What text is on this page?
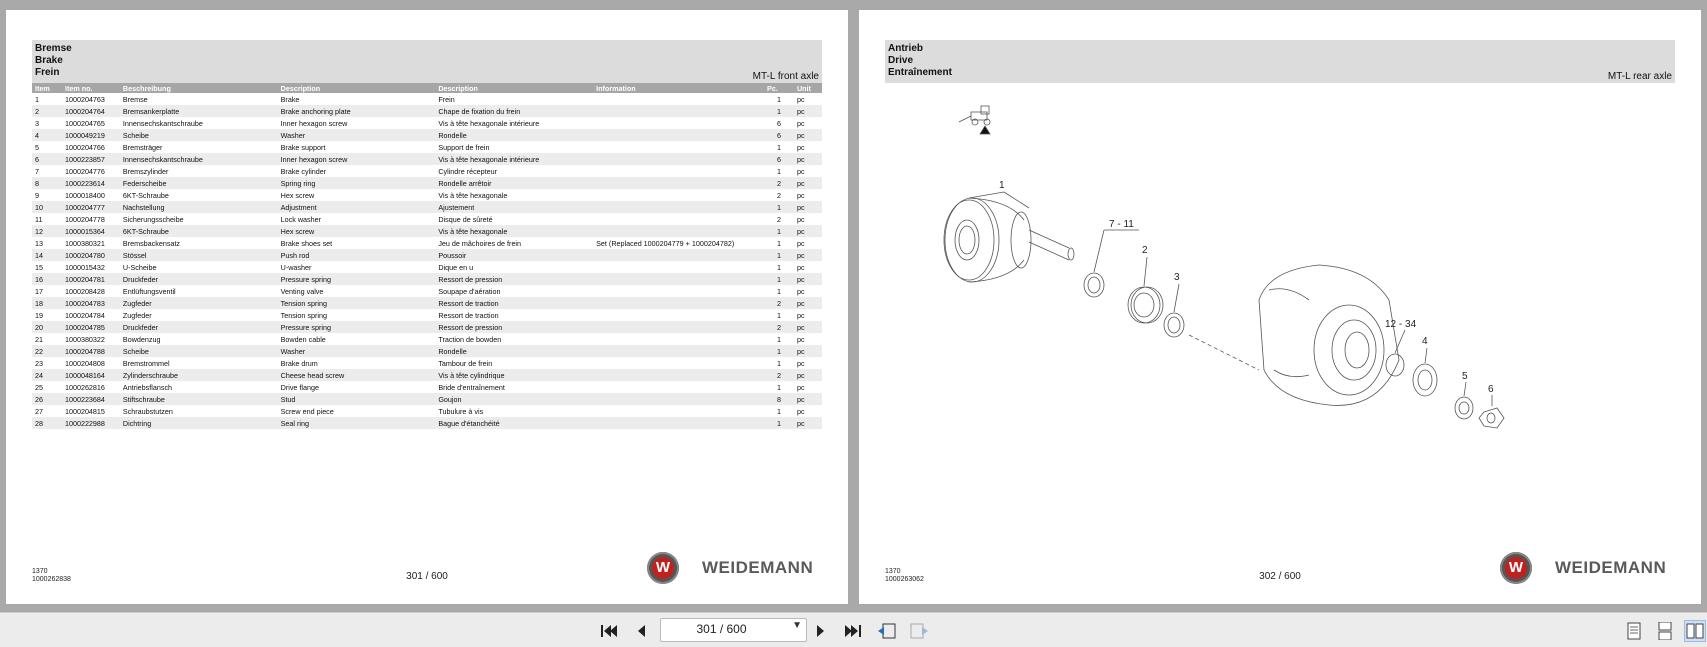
Bremse
Brake
Frein	MT-L front axle
Item	Item no.	Beschreibung	Description	Description	Information	Pc.	Unit
1	1000204763	Bremse	Brake	Frein		1	pc
2	1000204764	Bremsankerplatte	Brake anchoring plate	Chape de fixation du frein		1	pc
3	1000204765	Innensechskantschraube	Inner hexagon screw	Vis à tête hexagonale intérieure		6	pc
4	1000049219	Scheibe	Washer	Rondelle		6	pc
5	1000204766	Bremsträger	Brake support	Support de frein		1	pc
6	1000223857	Innensechskantschraube	Inner hexagon screw	Vis à tête hexagonale intérieure		6	pc
7	1000204776	Bremszylinder	Brake cylinder	Cylindre récepteur		1	pc
8	1000223614	Federscheibe	Spring ring	Rondelle arrêtoir		2	pc
9	1000018400	6KT-Schraube	Hex screw	Vis à tête hexagonale		2	pc
10	1000204777	Nachstellung	Adjustment	Ajustement		1	pc
11	1000204778	Sicherungsscheibe	Lock washer	Disque de sûreté		2	pc
12	1000015364	6KT-Schraube	Hex screw	Vis à tête hexagonale		1	pc
13	1000380321	Bremsbackensatz	Brake shoes set	Jeu de mâchoires de frein	Set (Replaced 1000204779 + 1000204782)	1	pc
14	1000204780	Stössel	Push rod	Poussoir		1	pc
15	1000015432	U-Scheibe	U-washer	Dique en u		1	pc
16	1000204781	Druckfeder	Pressure spring	Ressort de pression		1	pc
17	1000208428	Entlüftungsventil	Venting valve	Soupape d'aération		1	pc
18	1000204783	Zugfeder	Tension spring	Ressort de traction		2	pc
19	1000204784	Zugfeder	Tension spring	Ressort de traction		1	pc
20	1000204785	Druckfeder	Pressure spring	Ressort de pression		2	pc
21	1000380322	Bowdenzug	Bowden cable	Traction de bowden		1	pc
22	1000204788	Scheibe	Washer	Rondelle		1	pc
23	1000204808	Bremstrommel	Brake drum	Tambour de frein		1	pc
24	1000048164	Zylinderschraube	Cheese head screw	Vis à tête cylindrique		2	pc
25	1000262816	Antriebsflansch	Drive flange	Bride d'entraînement		1	pc
26	1000223684	Stiftschraube	Stud	Goujon		8	pc
27	1000204815	Schraubstutzen	Screw end piece	Tubulure à vis		1	pc
28	1000222988	Dichtring	Seal ring	Bague d'étanchéité		1	pc
1370
1000262838	301 / 600
W WEIDEMANN
Antrieb
Drive
Entraînement	MT-L rear axle
1
7 - 11
2
3
12 - 34
4
5
6
1370
1000263062	302 / 600
W WEIDEMANN
301 / 600	▼
